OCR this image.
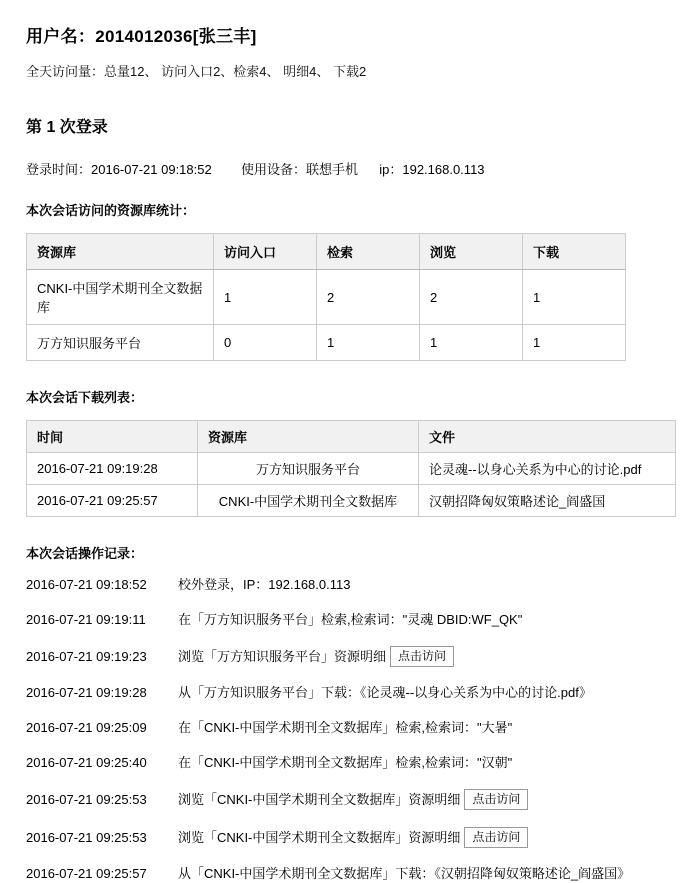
用户名：2014012036[张三丰]
全天访问量：总量12、 访问入口2、检索4、 明细4、 下载2
第 1 次登录
登录时间：2016-07-21 09:18:52 使用设备：联想手机 ip：192.168.0.113
本次会话访问的资源库统计：
资源库	访问入口	检索	浏览	下载
CNKI-中国学术期刊全文数据库	1	2	2	1
万方知识服务平台	0	1	1	1
本次会话下载列表：
时间	资源库	文件
2016-07-21 09:19:28	万方知识服务平台	论灵魂--以身心关系为中心的讨论.pdf
2016-07-21 09:25:57	CNKI-中国学术期刊全文数据库	汉朝招降匈奴策略述论_阎盛国
本次会话操作记录：
2016-07-21 09:18:52 校外登录，IP：192.168.0.113
2016-07-21 09:19:11 在「万方知识服务平台」检索,检索词："灵魂 DBID:WF_QK"
2016-07-21 09:19:23 浏览「万方知识服务平台」资源明细 点击访问
2016-07-21 09:19:28 从「万方知识服务平台」下载：《论灵魂--以身心关系为中心的讨论.pdf》
2016-07-21 09:25:09 在「CNKI-中国学术期刊全文数据库」检索,检索词："大暑"
2016-07-21 09:25:40 在「CNKI-中国学术期刊全文数据库」检索,检索词："汉朝"
2016-07-21 09:25:53 浏览「CNKI-中国学术期刊全文数据库」资源明细 点击访问
2016-07-21 09:25:53 浏览「CNKI-中国学术期刊全文数据库」资源明细 点击访问
2016-07-21 09:25:57 从「CNKI-中国学术期刊全文数据库」下载：《汉朝招降匈奴策略述论_阎盛国》
